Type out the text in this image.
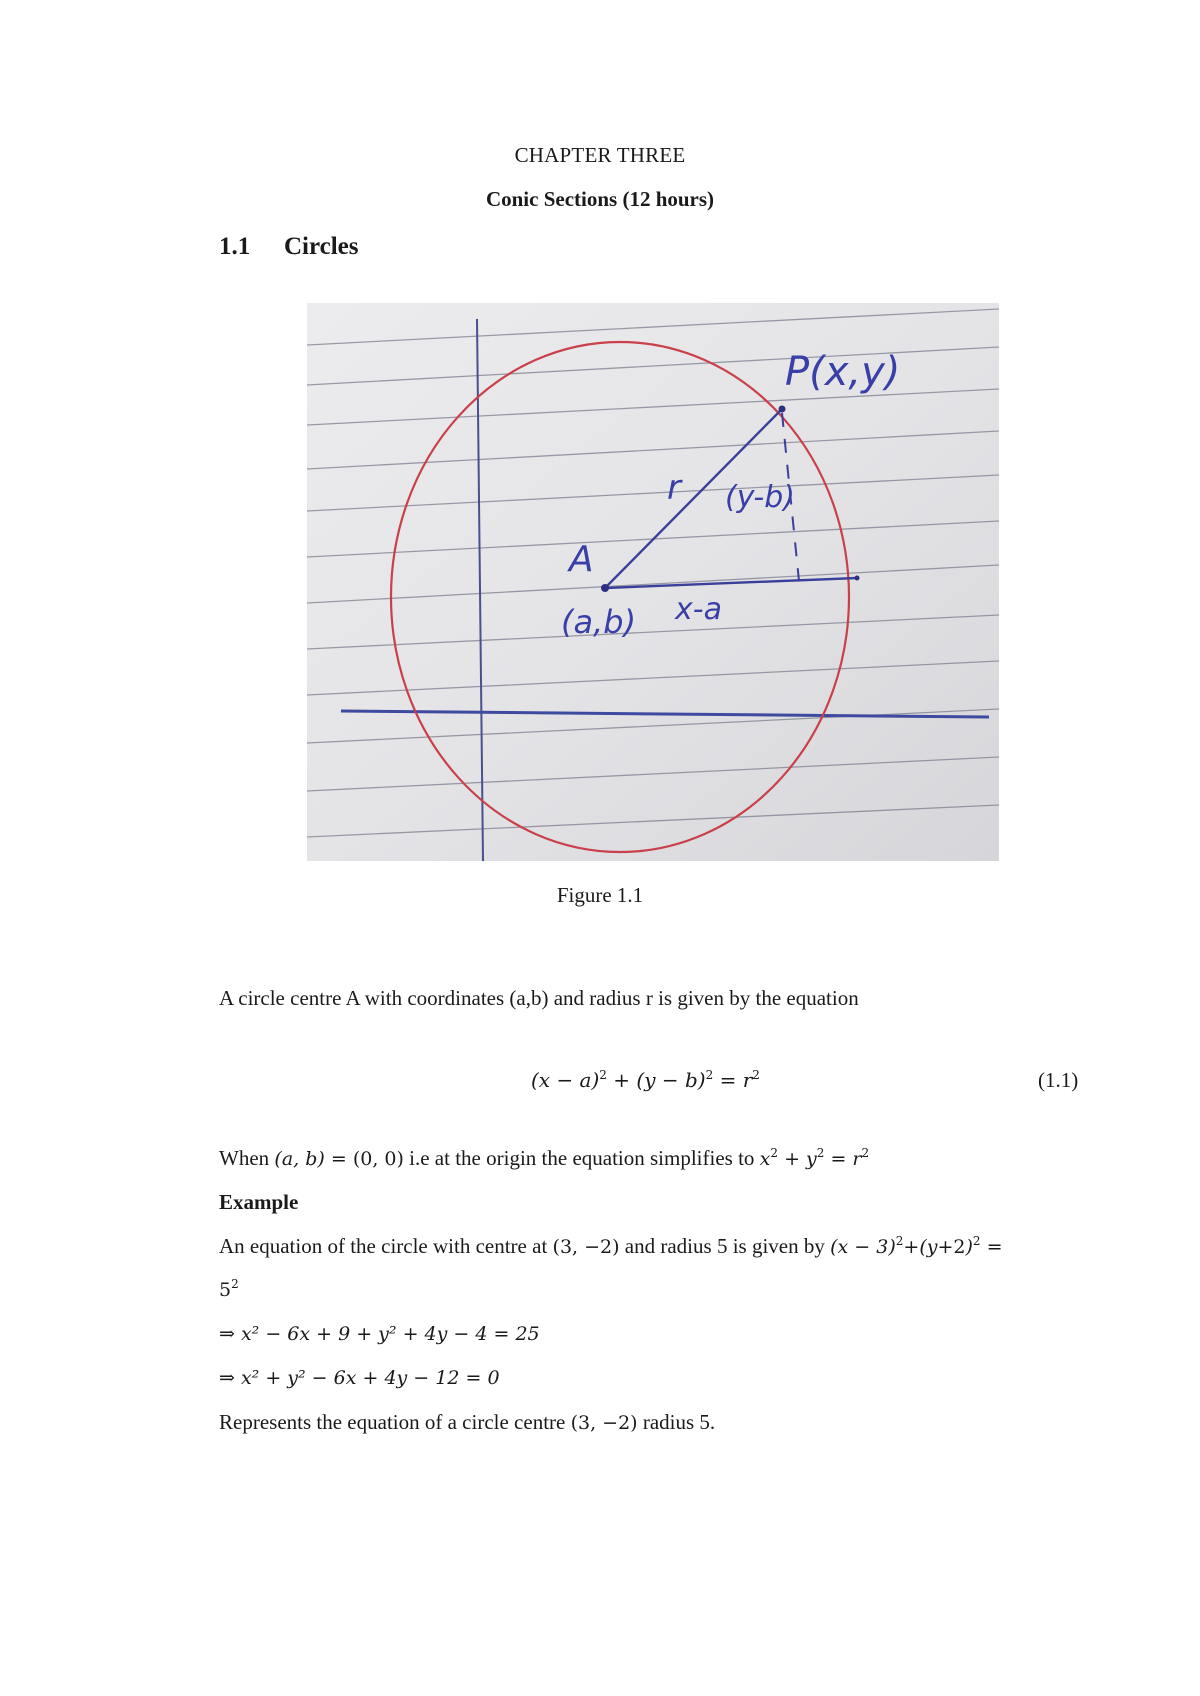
CHAPTER THREE
Conic Sections (12 hours)
1.1 Circles
P(x,y)
r (y-b)
A
(a,b) x-a
Figure 1.1
A circle centre A with coordinates (a,b) and radius r is given by the equation
$(x - a)^2 + (y - b)^2 = r^2$	(1.1)
When (a, b) = (0, 0) i.e at the origin the equation simplifies to $x^2 + y^2 = r^2$
Example
An equation of the circle with centre at (3, −2) and radius 5 is given by $(x - 3)^2+(y+2)^2$ =
$5^2$
⇒ x² − 6x + 9 + y² + 4y − 4 = 25
⇒ x² + y² − 6x + 4y − 12 = 0
Represents the equation of a circle centre (3, −2) radius 5.
